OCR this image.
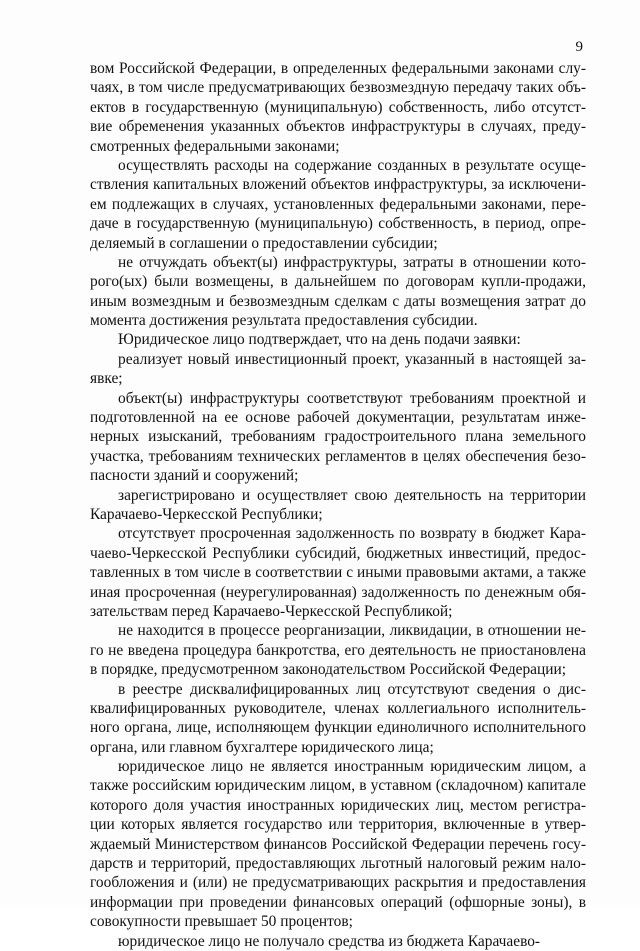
9
вом Российской Федерации, в определенных федеральными законами слу-
чаях, в том числе предусматривающих безвозмездную передачу таких объ-
ектов в государственную (муниципальную) собственность, либо отсутст-
вие обременения указанных объектов инфраструктуры в случаях, преду-
смотренных федеральными законами;
осуществлять расходы на содержание созданных в результате осуще-
ствления капитальных вложений объектов инфраструктуры, за исключени-
ем подлежащих в случаях, установленных федеральными законами, пере-
даче в государственную (муниципальную) собственность, в период, опре-
деляемый в соглашении о предоставлении субсидии;
не отчуждать объект(ы) инфраструктуры, затраты в отношении кото-
рого(ых) были возмещены, в дальнейшем по договорам купли-продажи,
иным возмездным и безвозмездным сделкам с даты возмещения затрат до
момента достижения результата предоставления субсидии.
Юридическое лицо подтверждает, что на день подачи заявки:
реализует новый инвестиционный проект, указанный в настоящей за-
явке;
объект(ы) инфраструктуры соответствуют требованиям проектной и
подготовленной на ее основе рабочей документации, результатам инже-
нерных изысканий, требованиям градостроительного плана земельного
участка, требованиям технических регламентов в целях обеспечения безо-
пасности зданий и сооружений;
зарегистрировано и осуществляет свою деятельность на территории
Карачаево-Черкесской Республики;
отсутствует просроченная задолженность по возврату в бюджет Кара-
чаево-Черкесской Республики субсидий, бюджетных инвестиций, предос-
тавленных в том числе в соответствии с иными правовыми актами, а также
иная просроченная (неурегулированная) задолженность по денежным обя-
зательствам перед Карачаево-Черкесской Республикой;
не находится в процессе реорганизации, ликвидации, в отношении не-
го не введена процедура банкротства, его деятельность не приостановлена
в порядке, предусмотренном законодательством Российской Федерации;
в реестре дисквалифицированных лиц отсутствуют сведения о дис-
квалифицированных руководителе, членах коллегиального исполнитель-
ного органа, лице, исполняющем функции единоличного исполнительного
органа, или главном бухгалтере юридического лица;
юридическое лицо не является иностранным юридическим лицом, а
также российским юридическим лицом, в уставном (складочном) капитале
которого доля участия иностранных юридических лиц, местом регистра-
ции которых является государство или территория, включенные в утвер-
ждаемый Министерством финансов Российской Федерации перечень госу-
дарств и территорий, предоставляющих льготный налоговый режим нало-
гообложения и (или) не предусматривающих раскрытия и предоставления
информации при проведении финансовых операций (офшорные зоны), в
совокупности превышает 50 процентов;
юридическое лицо не получало средства из бюджета Карачаево-
